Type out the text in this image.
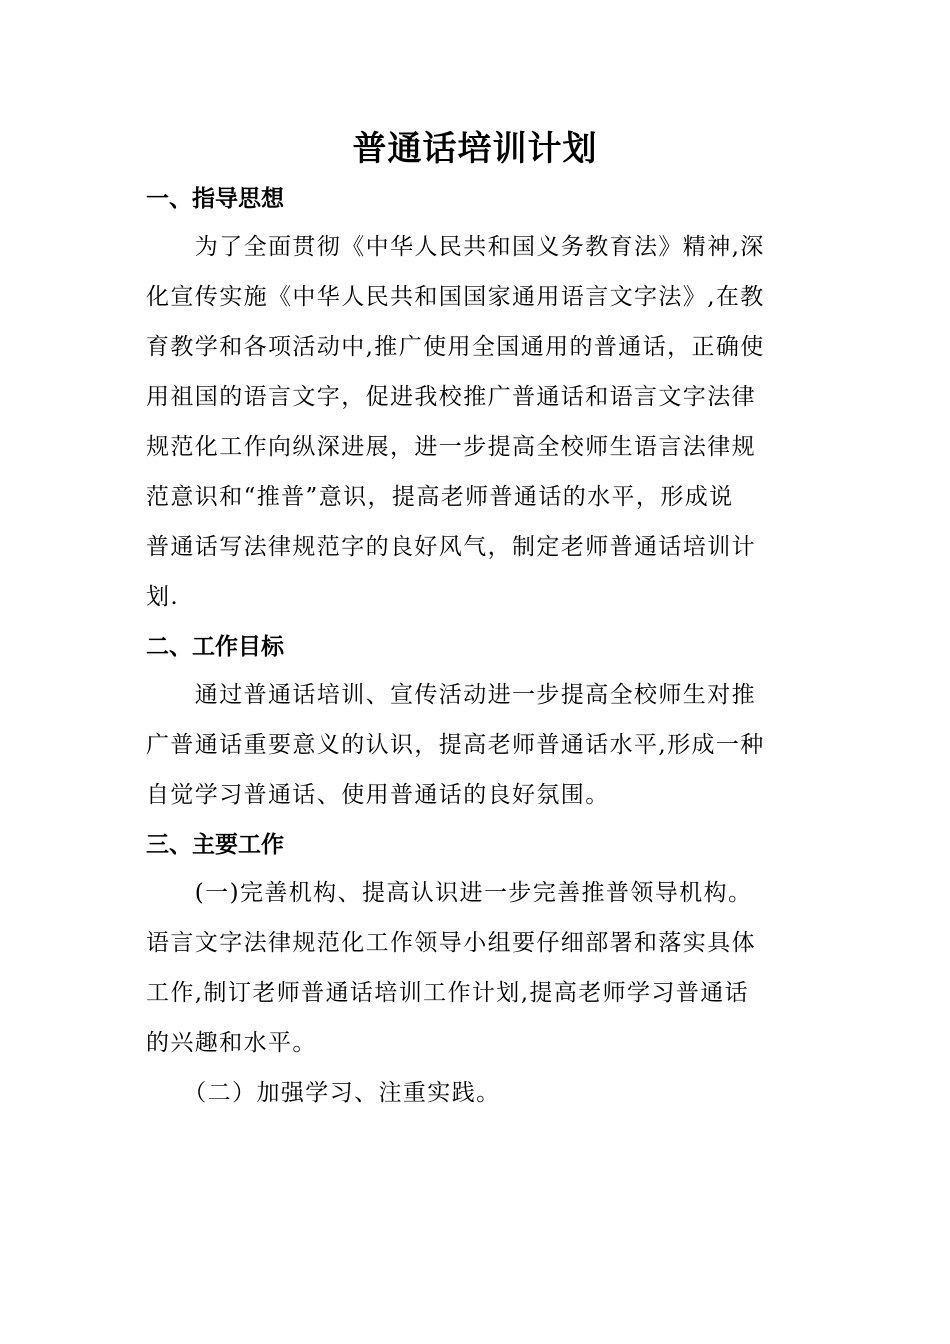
普通话培训计划
一、指导思想

　　为了全面贯彻《中华人民共和国义务教育法》精神,深
化宣传实施《中华人民共和国国家通用语言文字法》,在教
育教学和各项活动中,推广使用全国通用的普通话，正确使
用祖国的语言文字，促进我校推广普通话和语言文字法律
规范化工作向纵深进展，进一步提高全校师生语言法律规
范意识和“推普”意识，提高老师普通话的水平，形成说
普通话写法律规范字的良好风气，制定老师普通话培训计
划.

二、工作目标

　　通过普通话培训、宣传活动进一步提高全校师生对推
广普通话重要意义的认识，提高老师普通话水平,形成一种
自觉学习普通话、使用普通话的良好氛围。

三、主要工作

　　(一)完善机构、提高认识进一步完善推普领导机构。
语言文字法律规范化工作领导小组要仔细部署和落实具体
工作,制订老师普通话培训工作计划,提高老师学习普通话
的兴趣和水平。

　　（二）加强学习、注重实践。
